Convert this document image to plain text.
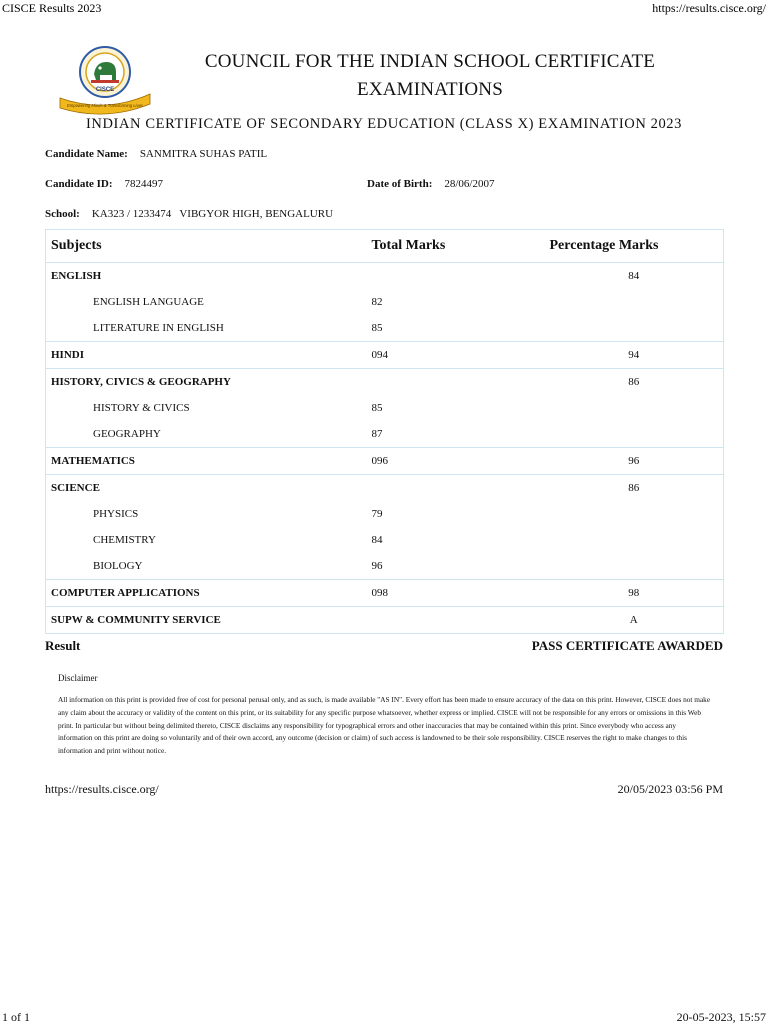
CISCE Results 2023	https://results.cisce.org/
CISCE
Empowering Minds & Transforming Lives
COUNCIL FOR THE INDIAN SCHOOL CERTIFICATE
EXAMINATIONS
INDIAN CERTIFICATE OF SECONDARY EDUCATION (CLASS X) EXAMINATION 2023
Candidate Name: SANMITRA SUHAS PATIL
Candidate ID: 7824497	Date of Birth: 28/06/2007
School: KA323 / 1233474   VIBGYOR HIGH, BENGALURU
Subjects	Total Marks	Percentage Marks
ENGLISH		84
ENGLISH LANGUAGE	82	
LITERATURE IN ENGLISH	85	
HINDI	094	94
HISTORY, CIVICS & GEOGRAPHY		86
HISTORY & CIVICS	85	
GEOGRAPHY	87	
MATHEMATICS	096	96
SCIENCE		86
PHYSICS	79	
CHEMISTRY	84	
BIOLOGY	96	
COMPUTER APPLICATIONS	098	98
SUPW & COMMUNITY SERVICE		A
Result	PASS CERTIFICATE AWARDED
Disclaimer
All information on this print is provided free of cost for personal perusal only, and as such, is made available "AS IN". Every effort has been made to ensure accuracy of the data on this print. However, CISCE does not make any claim about the accuracy or validity of the content on this print, or its suitability for any specific purpose whatsoever, whether express or implied. CISCE will not be responsible for any errors or omissions in this Web print. In particular but without being delimited thereto, CISCE disclaims any responsibility for typographical errors and other inaccuracies that may be contained within this print. Since everybody who access any information on this print are doing so voluntarily and of their own accord, any outcome (decision or claim) of such access is landowned to be their sole responsibility. CISCE reserves the right to make changes to this information and print without notice.
https://results.cisce.org/	20/05/2023 03:56 PM
1 of 1	20-05-2023, 15:57
